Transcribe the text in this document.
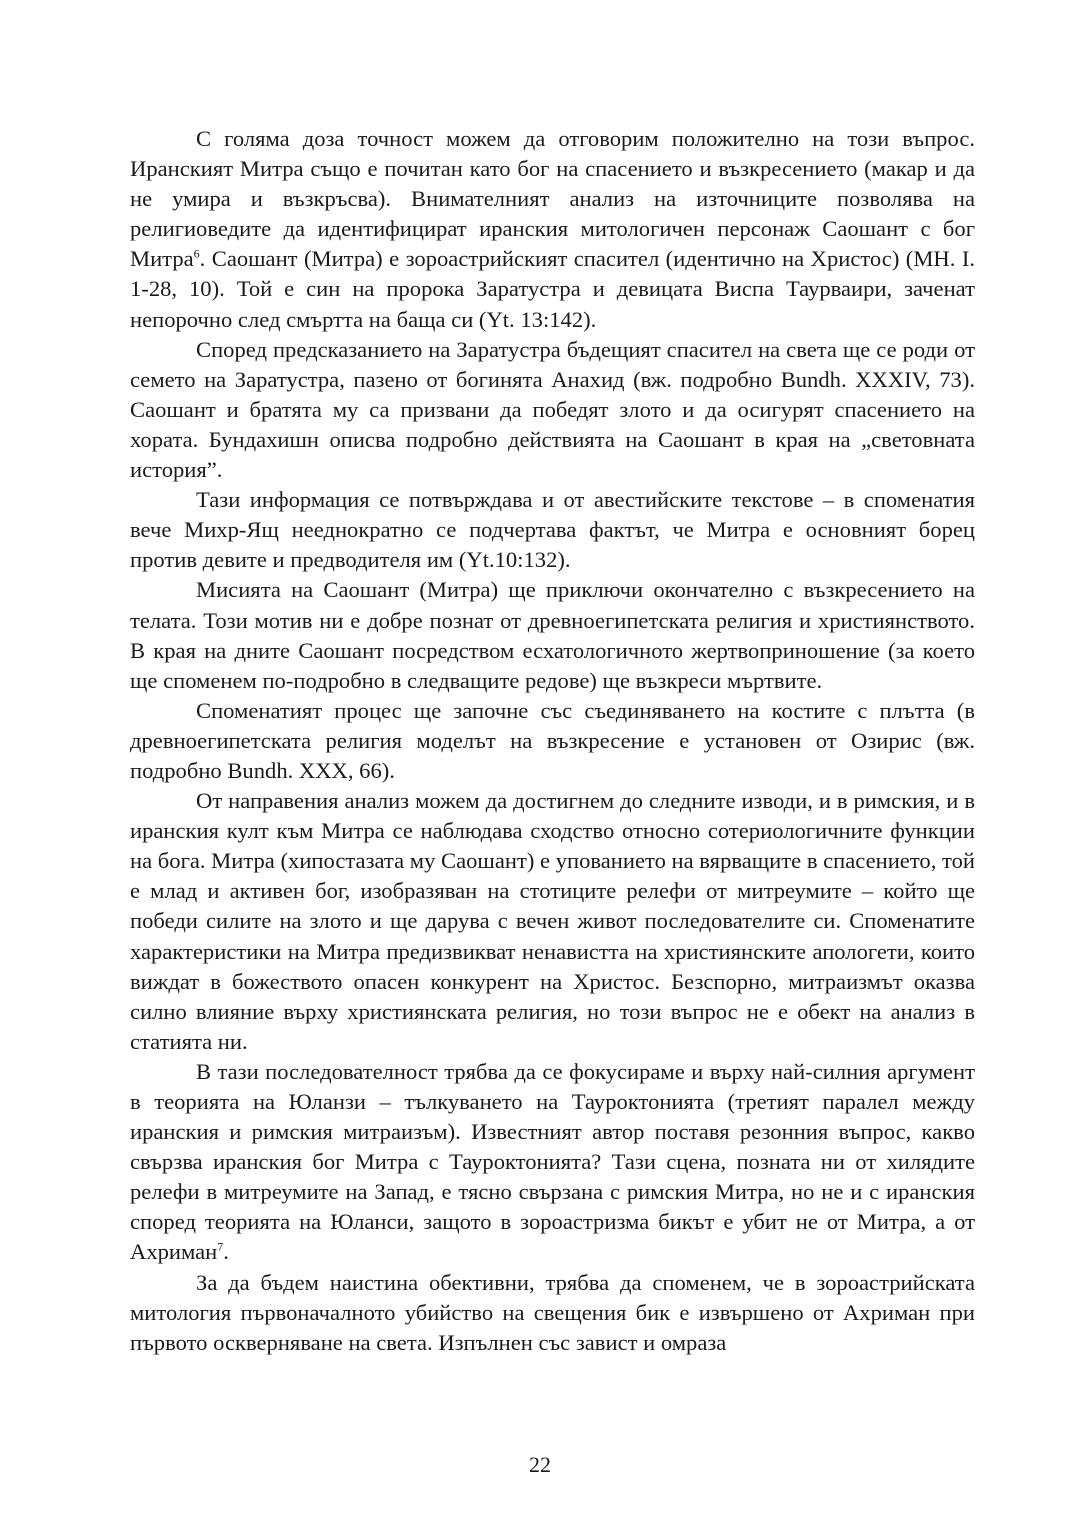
С голяма доза точност можем да отговорим положително на този въпрос. Иранският Митра също е почитан като бог на спасението и възкресението (макар и да не умира и възкръсва). Внимателният анализ на източниците позволява на религиоведите да идентифицират иранския митологичен персонаж Саошант с бог Митра$^6$. Саошант (Митра) е зороастрийският спасител (идентично на Христос) (МН. I. 1-28, 10). Той е син на пророка Заратустра и девицата Виспа Таурваири, заченат непорочно след смъртта на баща си (Yt. 13:142).

Според предсказанието на Заратустра бъдещият спасител на света ще се роди от семето на Заратустра, пазено от богинята Анахид (вж. подробно Bundh. XXXIV, 73). Саошант и братята му са призвани да победят злото и да осигурят спасението на хората. Бундахишн описва подробно действията на Саошант в края на „световната история”.

Тази информация се потвърждава и от авестийските текстове – в споменатия вече Михр-Ящ нееднократно се подчертава фактът, че Митра е основният борец против девите и предводителя им (Yt.10:132).

Мисията на Саошант (Митра) ще приключи окончателно с възкресението на телата. Този мотив ни е добре познат от древноегипетската религия и християнството. В края на дните Саошант посредством есхатологичното жертвоприношение (за което ще споменем по-подробно в следващите редове) ще възкреси мъртвите.

Споменатият процес ще започне със съединяването на костите с плътта (в древноегипетската религия моделът на възкресение е установен от Озирис (вж. подробно Bundh. XXX, 66).

От направения анализ можем да достигнем до следните изводи, и в римския, и в иранския култ към Митра се наблюдава сходство относно сотериологичните функции на бога. Митра (хипостазата му Саошант) е упованието на вярващите в спасението, той е млад и активен бог, изобразяван на стотиците релефи от митреумите – който ще победи силите на злото и ще дарува с вечен живот последователите си. Споменатите характеристики на Митра предизвикват ненавистта на християнските апологети, които виждат в божеството опасен конкурент на Христос. Безспорно, митраизмът оказва силно влияние върху християнската религия, но този въпрос не е обект на анализ в статията ни.

В тази последователност трябва да се фокусираме и върху най-силния аргумент в теорията на Юланзи – тълкуването на Тауроктонията (третият паралел между иранския и римския митраизъм). Известният автор поставя резонния въпрос, какво свързва иранския бог Митра с Тауроктонията? Тази сцена, позната ни от хилядите релефи в митреумите на Запад, е тясно свързана с римския Митра, но не и с иранския според теорията на Юланси, защото в зороастризма бикът е убит не от Митра, а от Ахриман$^7$.

За да бъдем наистина обективни, трябва да споменем, че в зороастрийската митология първоначалното убийство на свещения бик е извършено от Ахриман при първото оскверняване на света. Изпълнен със завист и омраза

22
